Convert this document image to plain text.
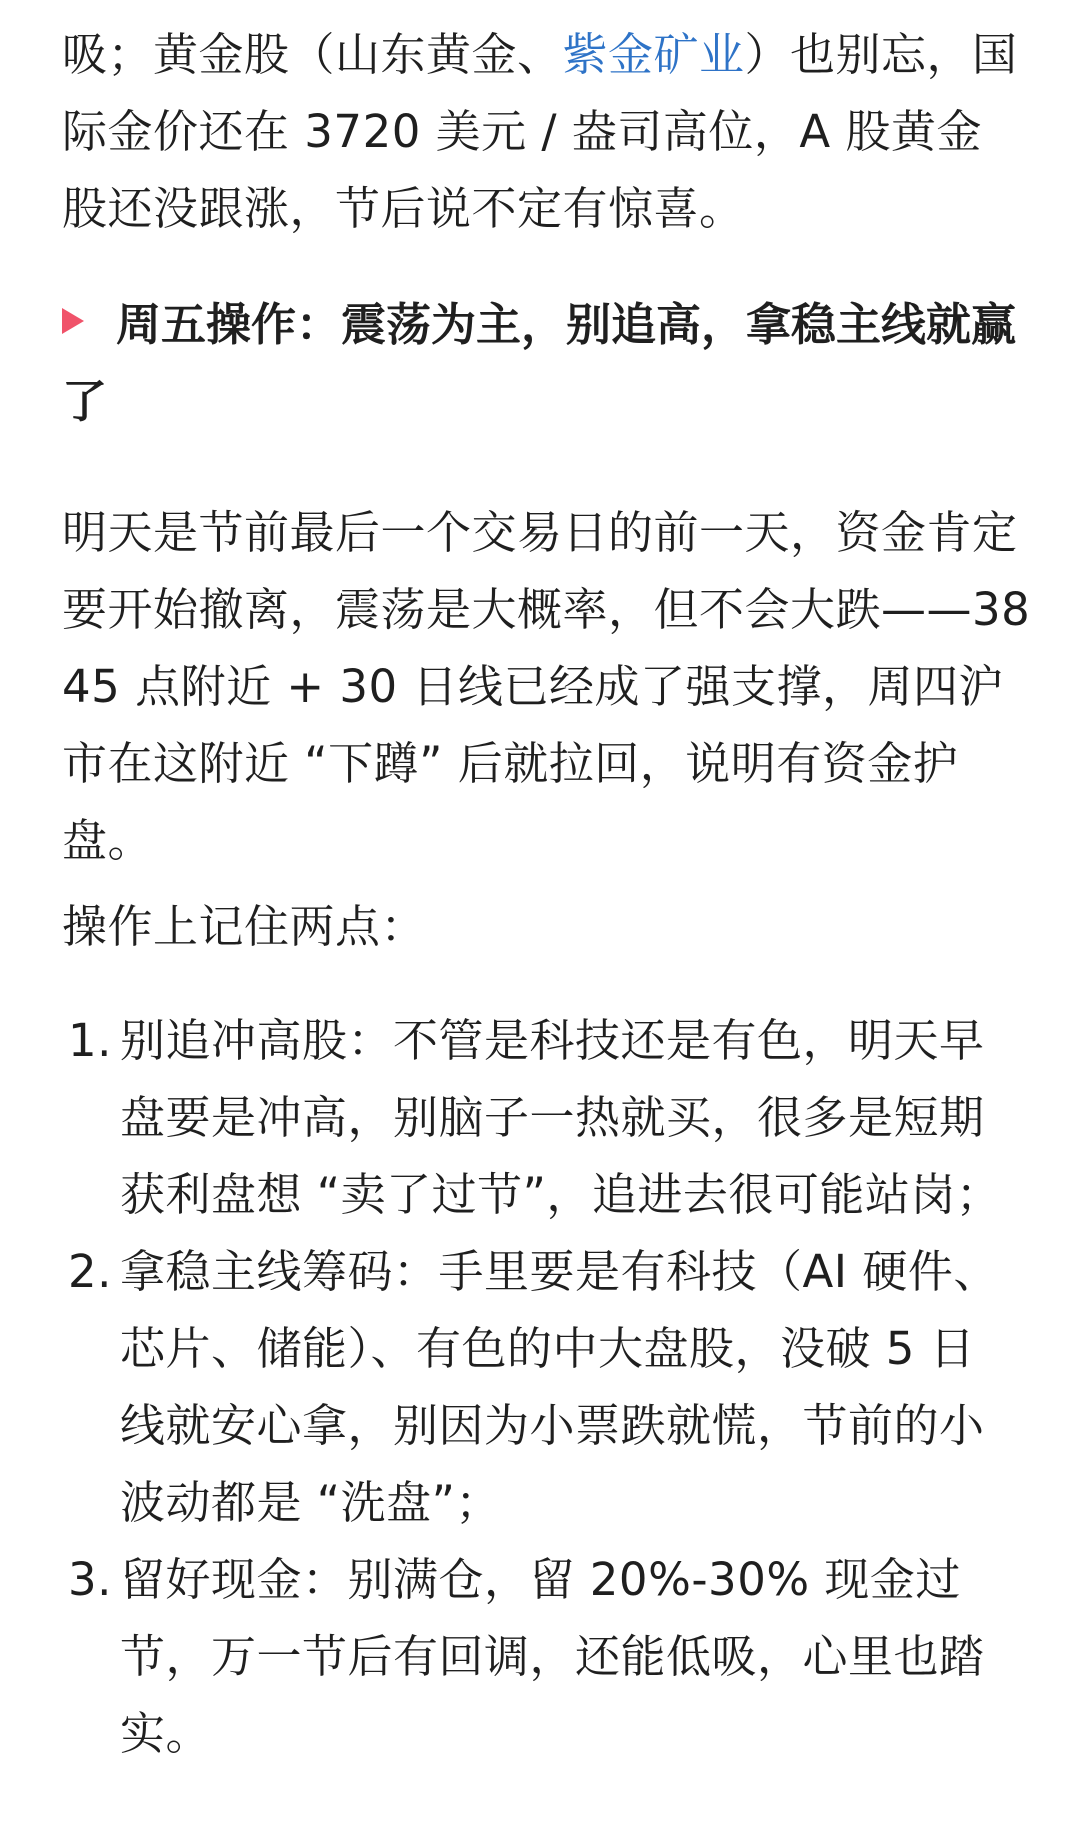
吸；黄金股（山东黄金、紫金矿业）也别忘，国际金价还在 3720 美元 / 盎司高位，A 股黄金股还没跟涨，节后说不定有惊喜。

周五操作：震荡为主，别追高，拿稳主线就赢了

明天是节前最后一个交易日的前一天，资金肯定要开始撤离，震荡是大概率，但不会大跌——3845 点附近 + 30 日线已经成了强支撑，周四沪市在这附近 “下蹲” 后就拉回，说明有资金护盘。

操作上记住两点：

1. 别追冲高股：不管是科技还是有色，明天早盘要是冲高，别脑子一热就买，很多是短期获利盘想 “卖了过节”，追进去很可能站岗；
2. 拿稳主线筹码：手里要是有科技（AI 硬件、芯片、储能）、有色的中大盘股，没破 5 日线就安心拿，别因为小票跌就慌，节前的小波动都是 “洗盘”；
3. 留好现金：别满仓，留 20%-30% 现金过节，万一节后有回调，还能低吸，心里也踏实。
